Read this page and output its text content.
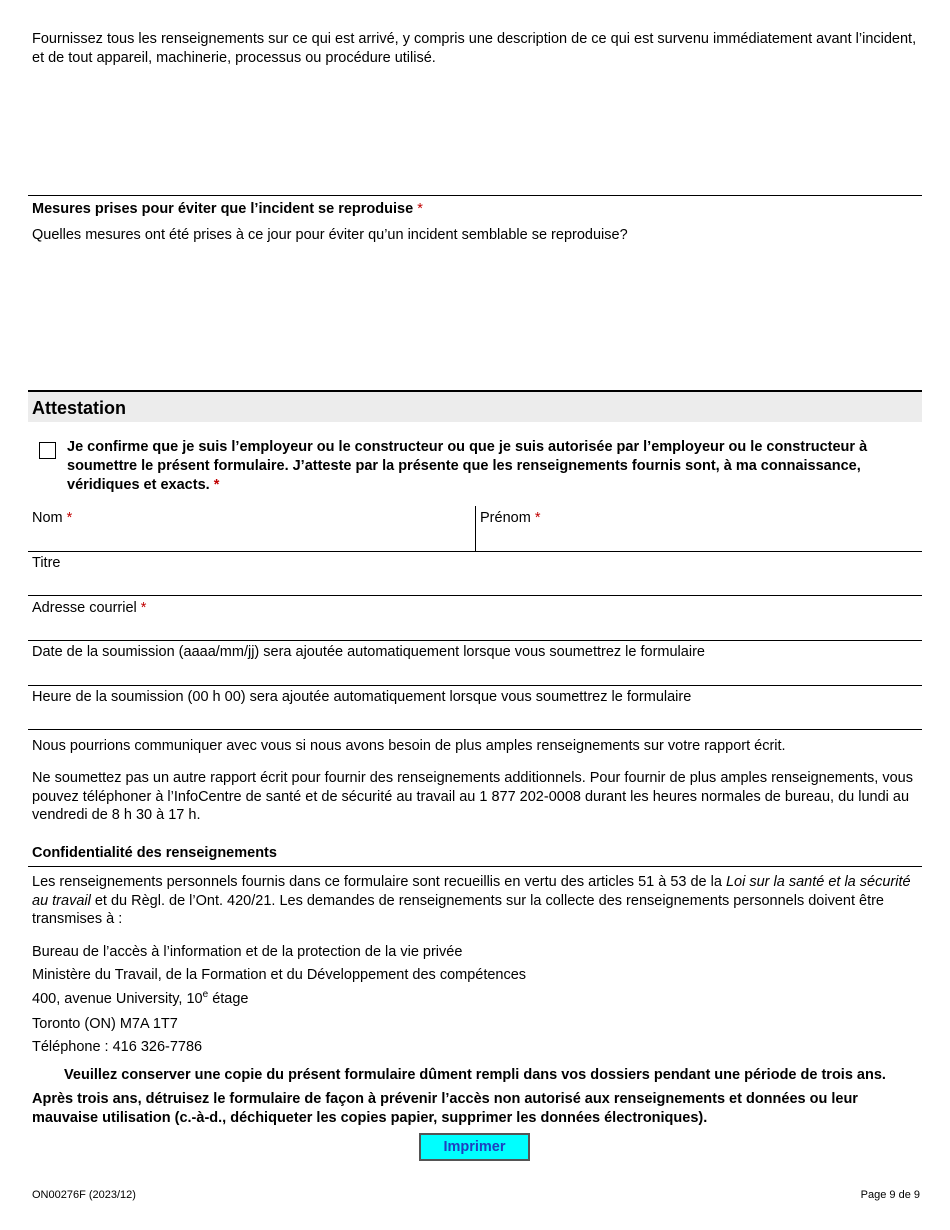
Fournissez tous les renseignements sur ce qui est arrivé, y compris une description de ce qui est survenu immédiatement avant l’incident, et de tout appareil, machinerie, processus ou procédure utilisé.
Mesures prises pour éviter que l’incident se reproduise *
Quelles mesures ont été prises à ce jour pour éviter qu’un incident semblable se reproduise?
Attestation
Je confirme que je suis l’employeur ou le constructeur ou que je suis autorisée par l’employeur ou le constructeur à soumettre le présent formulaire. J’atteste par la présente que les renseignements fournis sont, à ma connaissance, véridiques et exacts. *
Nom *	Prénom *
Titre
Adresse courriel *
Date de la soumission (aaaa/mm/jj) sera ajoutée automatiquement lorsque vous soumettrez le formulaire
Heure de la soumission (00 h 00) sera ajoutée automatiquement lorsque vous soumettrez le formulaire
Nous pourrions communiquer avec vous si nous avons besoin de plus amples renseignements sur votre rapport écrit.
Ne soumettez pas un autre rapport écrit pour fournir des renseignements additionnels. Pour fournir de plus amples renseignements, vous pouvez téléphoner à l’InfoCentre de santé et de sécurité au travail au 1 877 202-0008 durant les heures normales de bureau, du lundi au vendredi de 8 h 30 à 17 h.
Confidentialité des renseignements
Les renseignements personnels fournis dans ce formulaire sont recueillis en vertu des articles 51 à 53 de la Loi sur la santé et la sécurité au travail et du Règl. de l’Ont. 420/21. Les demandes de renseignements sur la collecte des renseignements personnels doivent être transmises à :
Bureau de l’accès à l’information et de la protection de la vie privée
Ministère du Travail, de la Formation et du Développement des compétences
400, avenue University, 10e étage
Toronto (ON) M7A 1T7
Téléphone : 416 326-7786
Veuillez conserver une copie du présent formulaire dûment rempli dans vos dossiers pendant une période de trois ans.
Après trois ans, détruisez le formulaire de façon à prévenir l’accès non autorisé aux renseignements et données ou leur mauvaise utilisation (c.-à-d., déchiqueter les copies papier, supprimer les données électroniques).
Imprimer
ON00276F (2023/12)	Page 9 de 9
